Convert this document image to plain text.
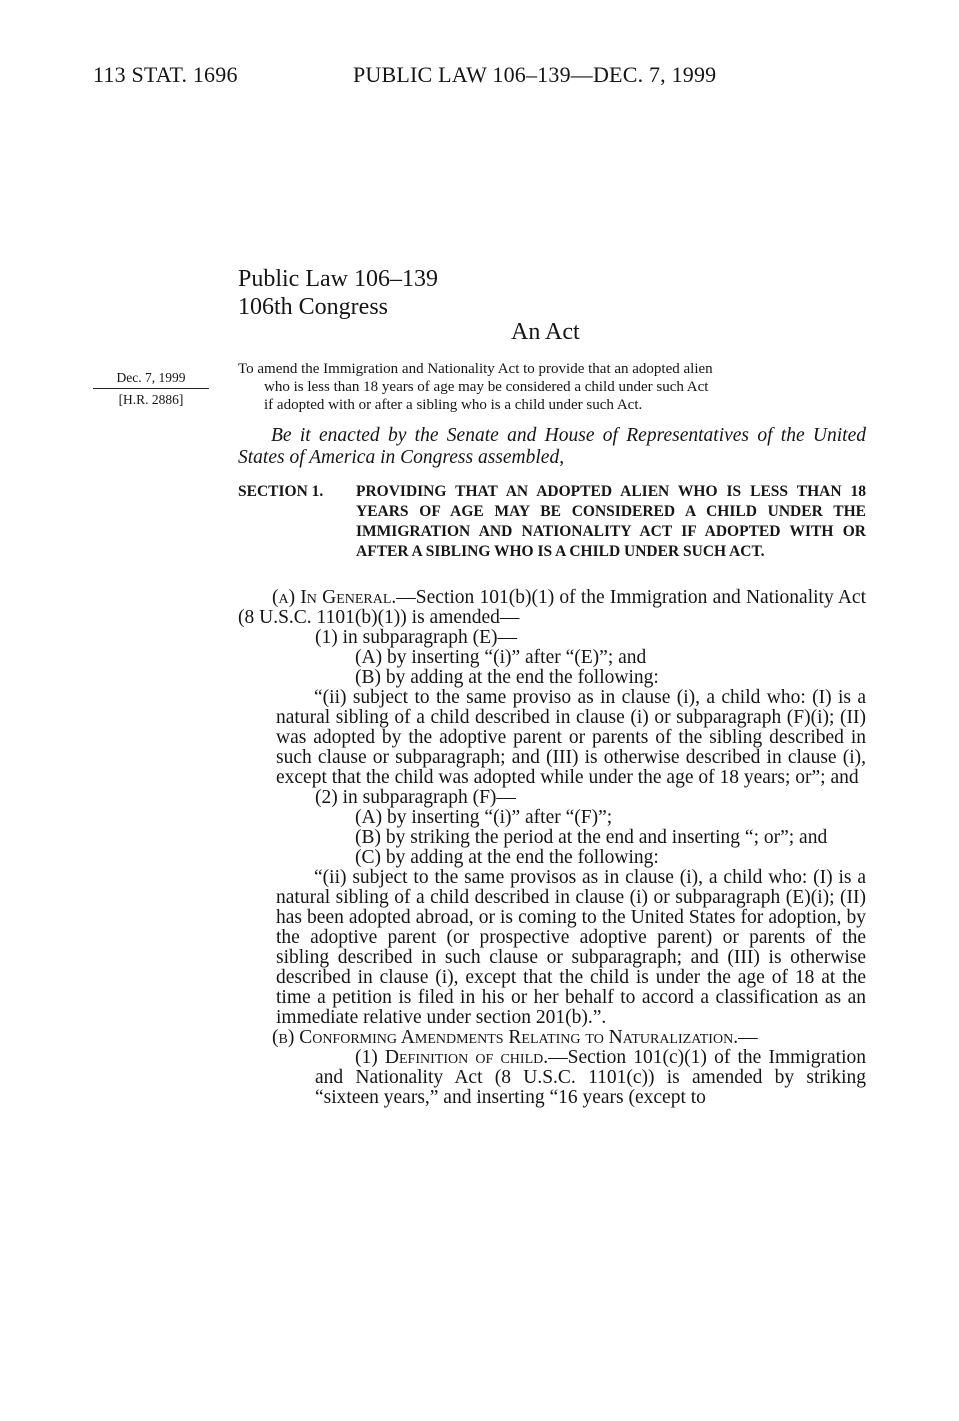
113 STAT. 1696	PUBLIC LAW 106–139—DEC. 7, 1999
Public Law 106–139
106th Congress
An Act
Dec. 7, 1999
[H.R. 2886]
To amend the Immigration and Nationality Act to provide that an adopted alien
who is less than 18 years of age may be considered a child under such Act
if adopted with or after a sibling who is a child under such Act.
Be it enacted by the Senate and House of Representatives of the United States of America in Congress assembled,
SECTION 1. PROVIDING THAT AN ADOPTED ALIEN WHO IS LESS THAN 18 YEARS OF AGE MAY BE CONSIDERED A CHILD UNDER THE IMMIGRATION AND NATIONALITY ACT IF ADOPTED WITH OR AFTER A SIBLING WHO IS A CHILD UNDER SUCH ACT.

(a) In General.—Section 101(b)(1) of the Immigration and Nationality Act (8 U.S.C. 1101(b)(1)) is amended—

(1) in subparagraph (E)—

(A) by inserting “(i)” after “(E)”; and

(B) by adding at the end the following:

“(ii) subject to the same proviso as in clause (i), a child who: (I) is a natural sibling of a child described in clause (i) or subparagraph (F)(i); (II) was adopted by the adoptive parent or parents of the sibling described in such clause or subparagraph; and (III) is otherwise described in clause (i), except that the child was adopted while under the age of 18 years; or”; and

(2) in subparagraph (F)—

(A) by inserting “(i)” after “(F)”;

(B) by striking the period at the end and inserting “; or”; and

(C) by adding at the end the following:

“(ii) subject to the same provisos as in clause (i), a child who: (I) is a natural sibling of a child described in clause (i) or subparagraph (E)(i); (II) has been adopted abroad, or is coming to the United States for adoption, by the adoptive parent (or prospective adoptive parent) or parents of the sibling described in such clause or subparagraph; and (III) is otherwise described in clause (i), except that the child is under the age of 18 at the time a petition is filed in his or her behalf to accord a classification as an immediate relative under section 201(b).”.

(b) Conforming Amendments Relating to Naturalization.—

(1) Definition of child.—Section 101(c)(1) of the Immigration and Nationality Act (8 U.S.C. 1101(c)) is amended by striking “sixteen years,” and inserting “16 years (except to
